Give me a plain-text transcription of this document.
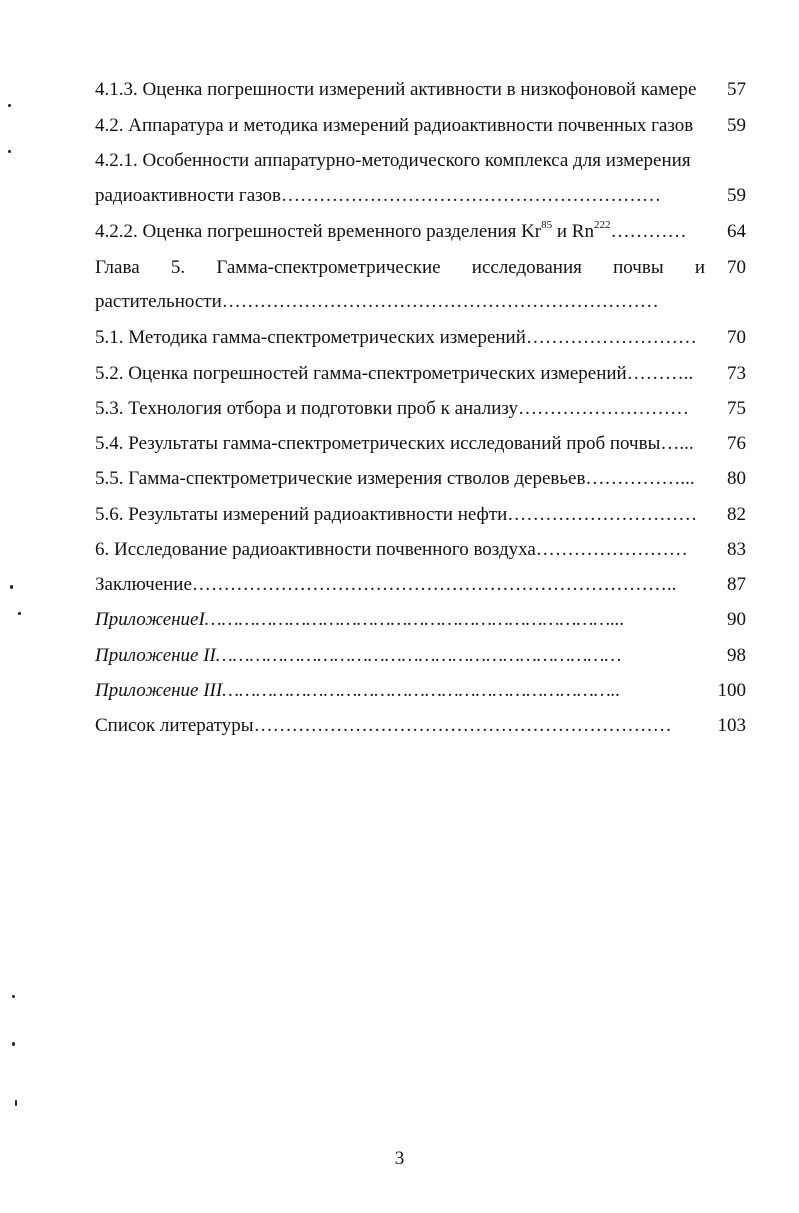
4.1.3. Оценка погрешности измерений активности в низкофоновой камере 57
4.2. Аппаратура и методика измерений радиоактивности почвенных газов 59
4.2.1. Особенности аппаратурно-методического комплекса для измерения
радиоактивности газов……………………………………………………	59
4.2.2. Оценка погрешностей временного разделения Kr$^{85}$ и Rn$^{222}$………… 64
Глава 5. Гамма-спектрометрические исследования почвы и 70
растительности……………………………………………………………
5.1. Методика гамма-спектрометрических измерений……………………… 70
5.2. Оценка погрешностей гамма-спектрометрических измерений……….. 73
5.3. Технология отбора и подготовки проб к анализу……………………… 75
5.4. Результаты гамма-спектрометрических исследований проб почвы…... 76
5.5. Гамма-спектрометрические измерения стволов деревьев……………... 80
5.6. Результаты измерений радиоактивности нефти………………………… 82
6. Исследование радиоактивности почвенного воздуха…………………… 83
Заключение…………………………………………………………………..	87
ПриложениеI………………………………………………………………...	90
Приложение II………………………………………………………………	98
Приложение III……………………………………………………………..	100
Список литературы………………………………………………………… 103
3
